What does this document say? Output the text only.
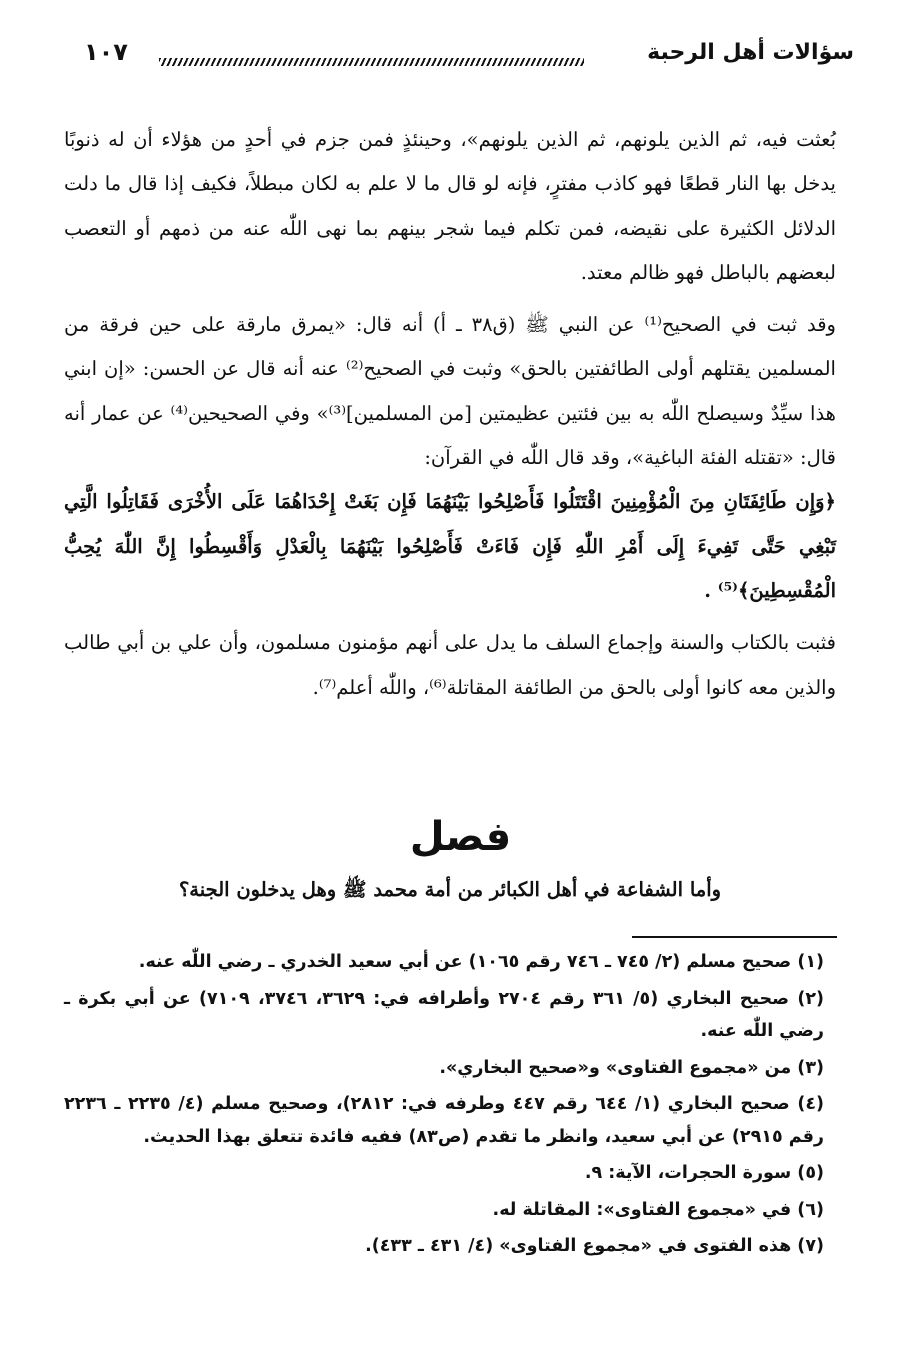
سؤالات أهل الرحبة
١٠٧

بُعثت فيه، ثم الذين يلونهم، ثم الذين يلونهم»، وحينئذٍ فمن جزم في أحدٍ من هؤلاء أن له ذنوبًا يدخل بها النار قطعًا فهو كاذب مفترٍ، فإنه لو قال ما لا علم به لكان مبطلاً، فكيف إذا قال ما دلت الدلائل الكثيرة على نقيضه، فمن تكلم فيما شجر بينهم بما نهى اللّٰه عنه من ذمهم أو التعصب لبعضهم بالباطل فهو ظالم معتد.

وقد ثبت في الصحيح⁽¹⁾ عن النبي ﷺ (ق٣٨ ـ أ) أنه قال: «يمرق مارقة على حين فرقة من المسلمين يقتلهم أولى الطائفتين بالحق» وثبت في الصحيح⁽²⁾ عنه أنه قال عن الحسن: «إن ابني هذا سيِّدٌ وسيصلح اللّٰه به بين فئتين عظيمتين [من المسلمين]⁽³⁾» وفي الصحيحين⁽⁴⁾ عن عمار أنه قال: «تقتله الفئة الباغية»، وقد قال اللّٰه في القرآن:

﴿وَإِن طَائِفَتَانِ مِنَ الْمُؤْمِنِينَ اقْتَتَلُوا فَأَصْلِحُوا بَيْنَهُمَا فَإِن بَغَتْ إِحْدَاهُمَا عَلَى الأُخْرَى فَقَاتِلُوا الَّتِي تَبْغِي حَتَّى تَفِيءَ إِلَى أَمْرِ اللّٰهِ فَإِن فَاءَتْ فَأَصْلِحُوا بَيْنَهُمَا بِالْعَدْلِ وَأَقْسِطُوا إِنَّ اللّٰهَ يُحِبُّ الْمُقْسِطِينَ﴾⁽⁵⁾ .

فثبت بالكتاب والسنة وإجماع السلف ما يدل على أنهم مؤمنون مسلمون، وأن علي بن أبي طالب والذين معه كانوا أولى بالحق من الطائفة المقاتلة⁽⁶⁾، واللّٰه أعلم⁽⁷⁾.

فصل
وأما الشفاعة في أهل الكبائر من أمة محمد ﷺ وهل يدخلون الجنة؟

(١) صحيح مسلم (٢/ ٧٤٥ ـ ٧٤٦ رقم ١٠٦٥) عن أبي سعيد الخدري ـ رضي اللّٰه عنه.

(٢) صحيح البخاري (٥/ ٣٦١ رقم ٢٧٠٤ وأطرافه في: ٣٦٢٩، ٣٧٤٦، ٧١٠٩) عن أبي بكرة ـ رضي اللّٰه عنه.

(٣) من «مجموع الفتاوى» و«صحيح البخاري».

(٤) صحيح البخاري (١/ ٦٤٤ رقم ٤٤٧ وطرفه في: ٢٨١٢)، وصحيح مسلم (٤/ ٢٢٣٥ ـ ٢٢٣٦ رقم ٢٩١٥) عن أبي سعيد، وانظر ما تقدم (ص٨٣) ففيه فائدة تتعلق بهذا الحديث.

(٥) سورة الحجرات، الآية: ٩.

(٦) في «مجموع الفتاوى»: المقاتلة له.

(٧) هذه الفتوى في «مجموع الفتاوى» (٤/ ٤٣١ ـ ٤٣٣).
